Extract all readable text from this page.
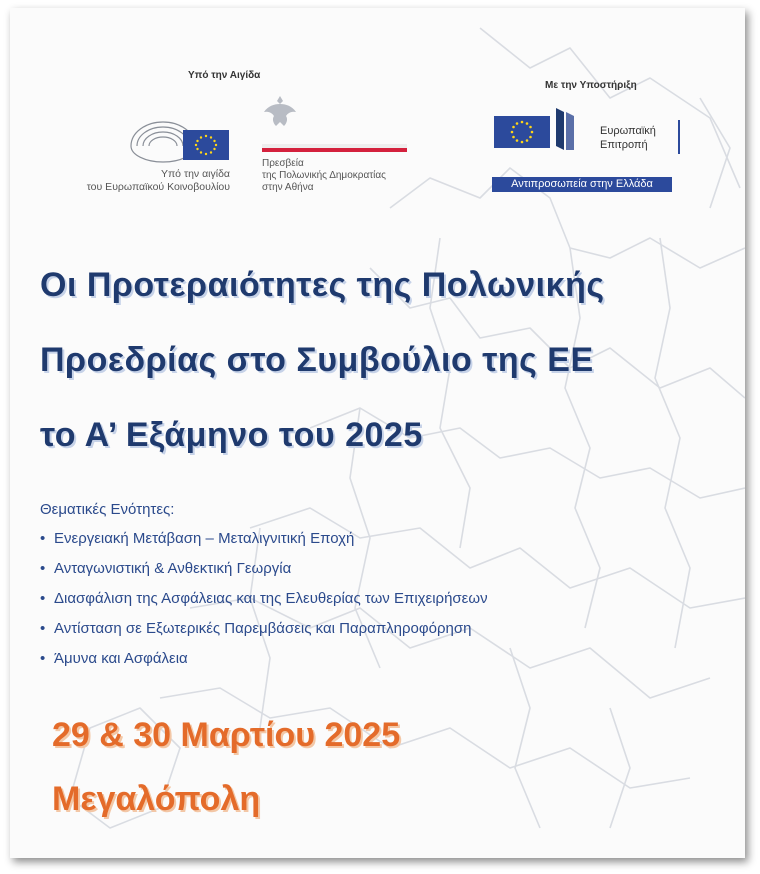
Υπό την Αιγίδα
Υπό την αιγίδα
του Ευρωπαϊκού Κοινοβουλίου
Πρεσβεία
της Πολωνικής Δημοκρατίας
στην Αθήνα
Με την Υποστήριξη
Ευρωπαϊκή
Επιτροπή
Αντιπροσωπεία στην Ελλάδα
Οι Προτεραιότητες της Πολωνικής
Προεδρίας στο Συμβούλιο της ΕΕ
το Α’ Εξάμηνο του 2025
Θεματικές Ενότητες:
• Ενεργειακή Μετάβαση – Μεταλιγνιτική Εποχή
• Ανταγωνιστική & Ανθεκτική Γεωργία
• Διασφάλιση της Ασφάλειας και της Ελευθερίας των Επιχειρήσεων
• Αντίσταση σε Εξωτερικές Παρεμβάσεις και Παραπληροφόρηση
• Άμυνα και Ασφάλεια
29 & 30 Μαρτίου 2025
Μεγαλόπολη
